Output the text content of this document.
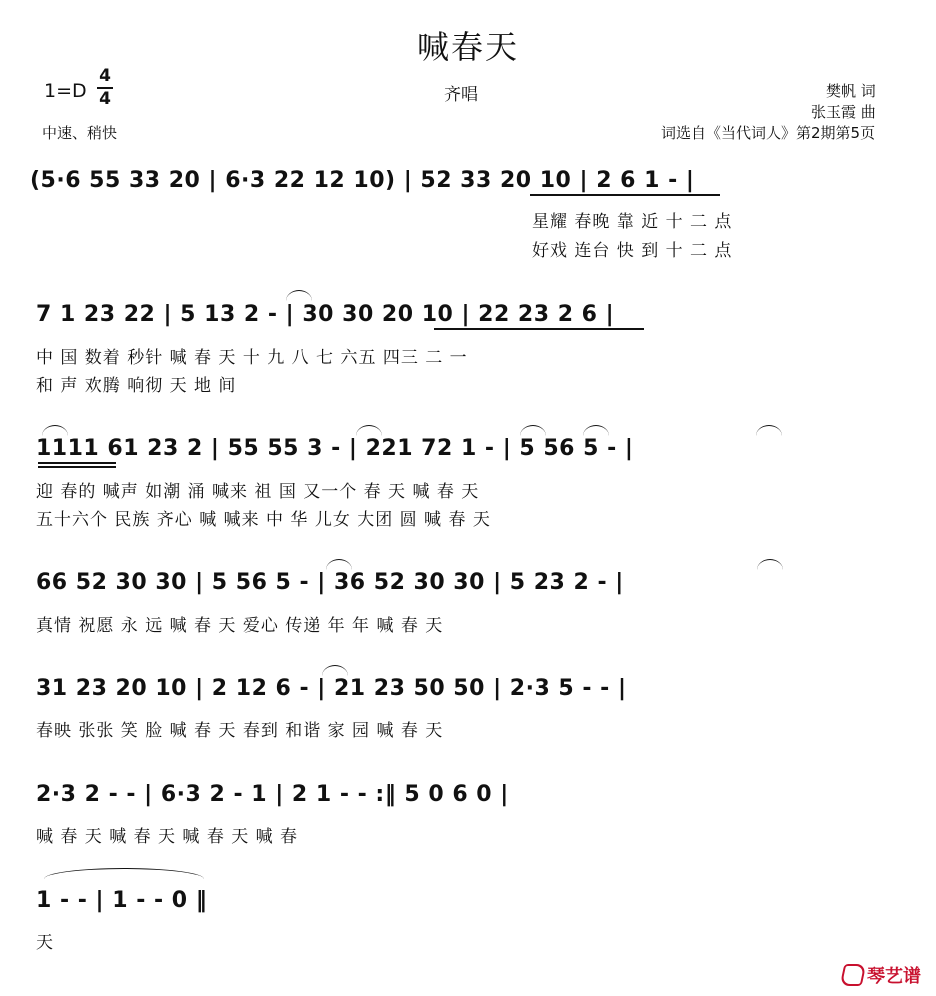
喊春天
1=D
4
4
中速、稍快
齐唱	樊帆 词
张玉霞 曲
词选自《当代词人》第2期第5页
(5·6 55 33 20 | 6·3 22 12 10) | 52 33 20 10 | 2 6 1 - |
星耀 春晚 靠 近 十 二 点
好戏 连台 快 到 十 二 点
7 1 23 22 | 5 13 2 - | 30 30 20 10 | 22 23 2 6 |
中 国 数着 秒针 喊 春 天 十 九 八 七 六五 四三 二 一
和 声 欢腾 响彻 天 地 间
1111 61 23 2 | 55 55 3 - | 221 72 1 - | 5 56 5 - |
迎 春的 喊声 如潮 涌 喊来 祖 国 又一个 春 天 喊 春 天
五十六个 民族 齐心 喊 喊来 中 华 儿女 大团 圆 喊 春 天
66 52 30 30 | 5 56 5 - | 36 52 30 30 | 5 23 2 - |
真情 祝愿 永 远 喊 春 天 爱心 传递 年 年 喊 春 天
31 23 20 10 | 2 12 6 - | 21 23 50 50 | 2·3 5 - - |
春映 张张 笑 脸 喊 春 天 春到 和谐 家 园 喊 春 天
2·3 2 - - | 6·3 2 - 1 | 2 1 - - :‖ 5 0 6 0 |
喊 春 天 喊 春 天 喊 春 天 喊 春
1 - - | 1 - - 0 ‖
天
琴艺谱
